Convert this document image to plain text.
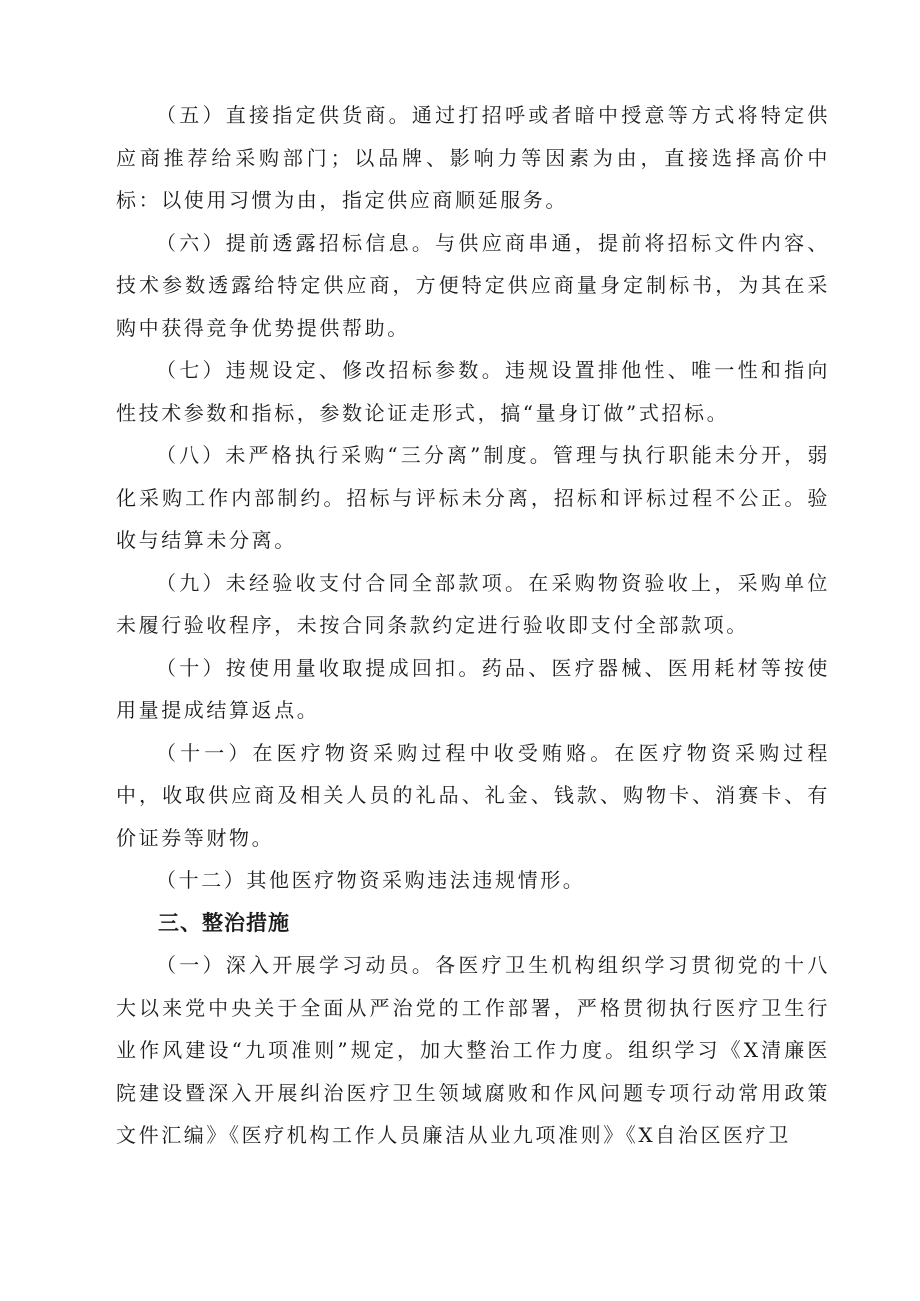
（五）直接指定供货商。通过打招呼或者暗中授意等方式将特定供应商推荐给采购部门；以品牌、影响力等因素为由，直接选择高价中标：以使用习惯为由，指定供应商顺延服务。

（六）提前透露招标信息。与供应商串通，提前将招标文件内容、技术参数透露给特定供应商，方便特定供应商量身定制标书，为其在采购中获得竞争优势提供帮助。

（七）违规设定、修改招标参数。违规设置排他性、唯一性和指向性技术参数和指标，参数论证走形式，搞“量身订做”式招标。

（八）未严格执行采购“三分离”制度。管理与执行职能未分开，弱化采购工作内部制约。招标与评标未分离，招标和评标过程不公正。验收与结算未分离。

（九）未经验收支付合同全部款项。在采购物资验收上，采购单位未履行验收程序，未按合同条款约定进行验收即支付全部款项。

（十）按使用量收取提成回扣。药品、医疗器械、医用耗材等按使用量提成结算返点。

（十一）在医疗物资采购过程中收受贿赂。在医疗物资采购过程中，收取供应商及相关人员的礼品、礼金、钱款、购物卡、消赛卡、有价证券等财物。

（十二）其他医疗物资采购违法违规情形。

三、整治措施

（一）深入开展学习动员。各医疗卫生机构组织学习贯彻党的十八大以来党中央关于全面从严治党的工作部署，严格贯彻执行医疗卫生行业作风建设“九项准则”规定，加大整治工作力度。组织学习《X清廉医院建设暨深入开展纠治医疗卫生领域腐败和作风问题专项行动常用政策文件汇编》《医疗机构工作人员廉洁从业九项准则》《X自治区医疗卫
